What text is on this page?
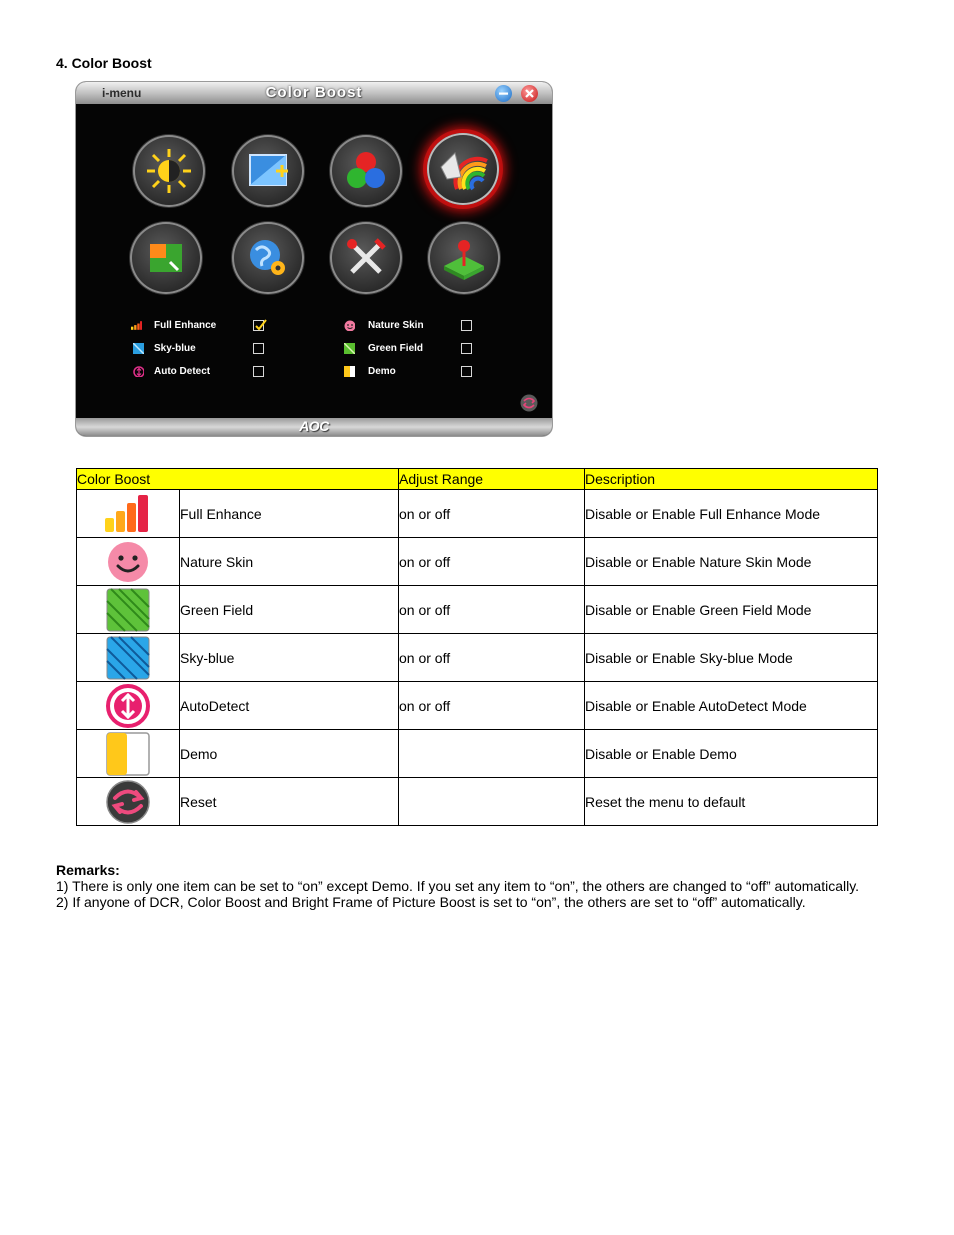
4. Color Boost
i-menu	Color Boost
Full Enhance
Sky-blue
Auto Detect
Nature Skin
Green Field
Demo
AOC
Color Boost		Adjust Range	Description

	Full Enhance	on or off	Disable or Enable Full Enhance Mode

	Nature Skin	on or off	Disable or Enable Nature Skin Mode

	Green Field	on or off	Disable or Enable Green Field Mode

	Sky-blue	on or off	Disable or Enable Sky-blue Mode

	AutoDetect	on or off	Disable or Enable AutoDetect Mode

	Demo		Disable or Enable Demo

	Reset		Reset the menu to default
Remarks:
1) There is only one item can be set to “on” except Demo. If you set any item to “on”, the others are changed to “off” automatically.
2) If anyone of DCR, Color Boost and Bright Frame of Picture Boost is set to “on”, the others are set to “off” automatically.
